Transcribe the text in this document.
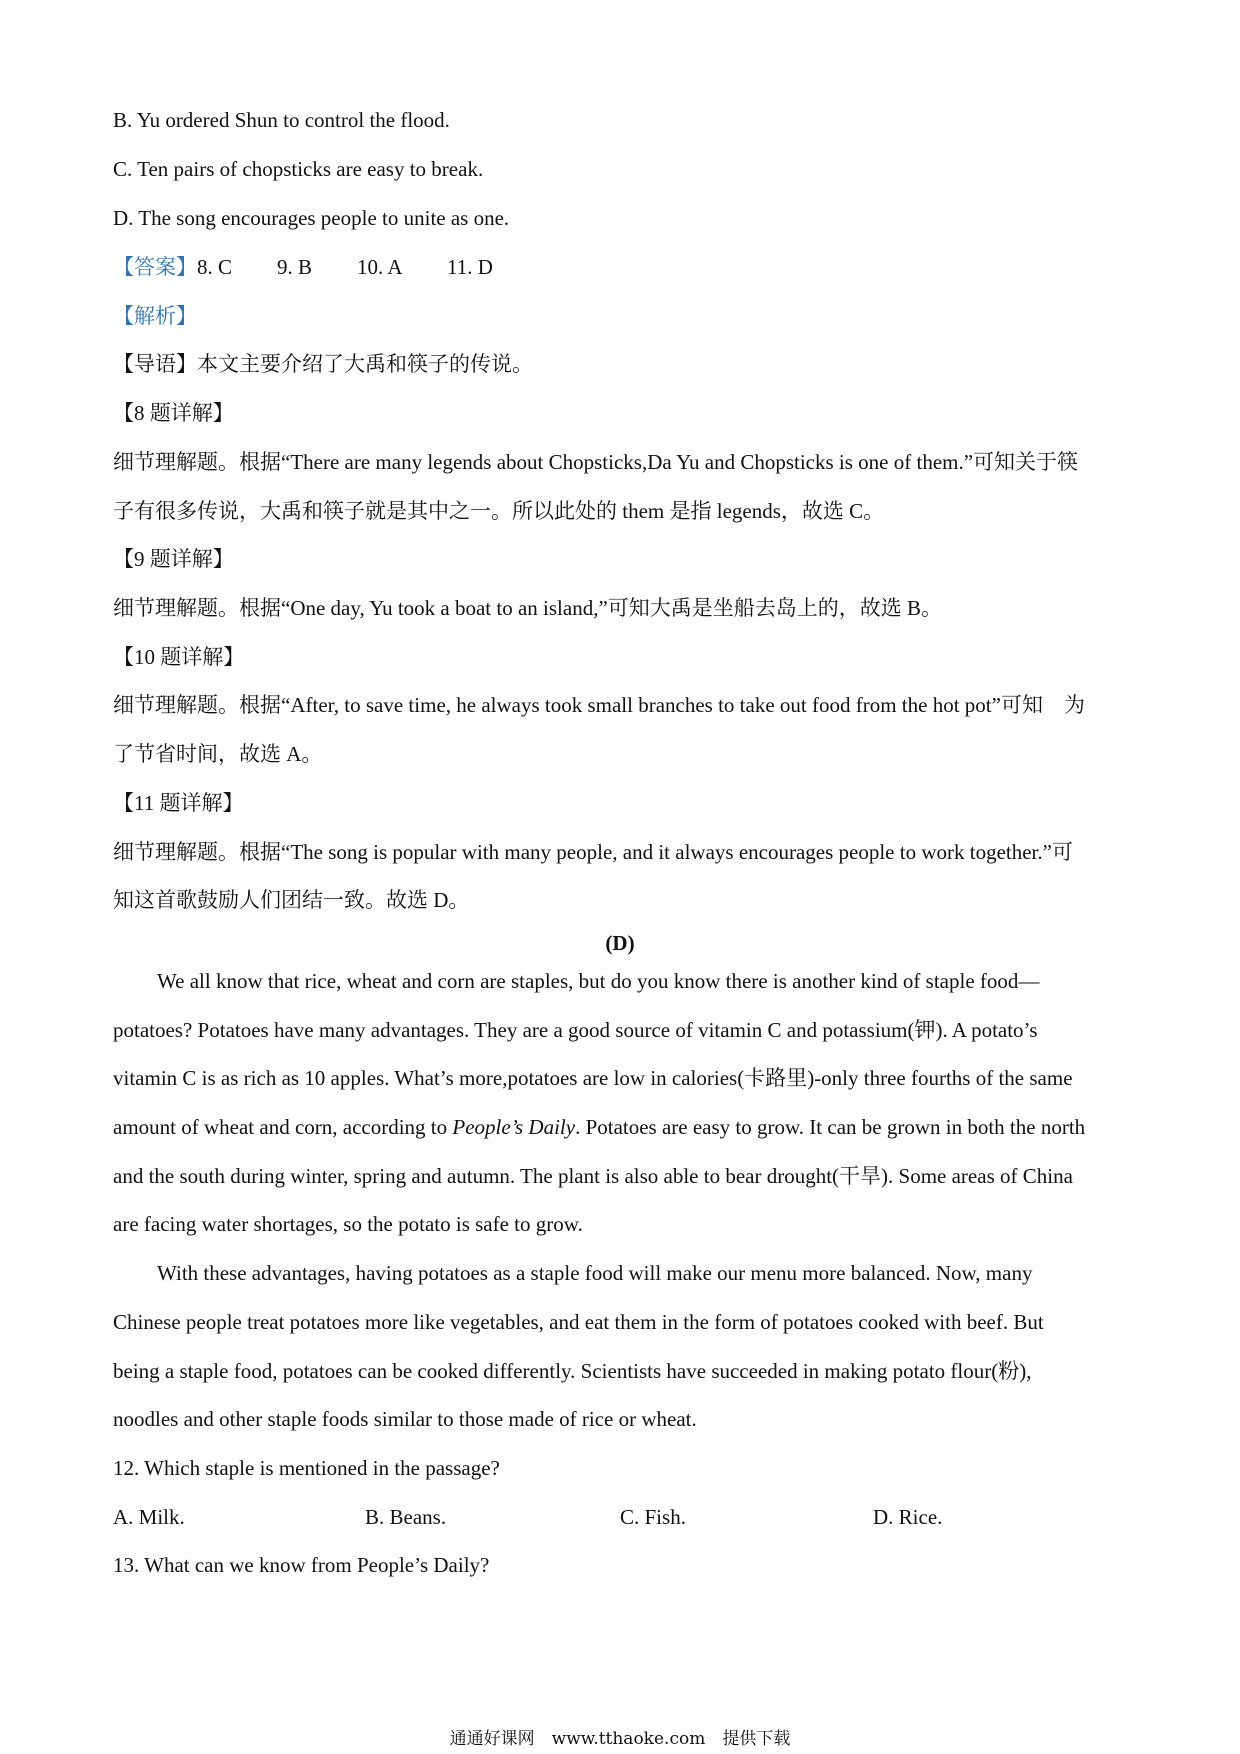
B. Yu ordered Shun to control the flood.
C. Ten pairs of chopsticks are easy to break.
D. The song encourages people to unite as one.
【答案】8. C 9. B 10. A 11. D
【解析】
【导语】本文主要介绍了大禹和筷子的传说。
【8 题详解】
细节理解题。根据“There are many legends about Chopsticks,Da Yu and Chopsticks is one of them.”可知关于筷
子有很多传说，大禹和筷子就是其中之一。所以此处的 them 是指 legends，故选 C。
【9 题详解】
细节理解题。根据“One day, Yu took a boat to an island,”可知大禹是坐船去岛上的，故选 B。
【10 题详解】
细节理解题。根据“After, to save time, he always took small branches to take out food from the hot pot”可知　为
了节省时间，故选 A。
【11 题详解】
细节理解题。根据“The song is popular with many people, and it always encourages people to work together.”可
知这首歌鼓励人们团结一致。故选 D。
(D)
We all know that rice, wheat and corn are staples, but do you know there is another kind of staple food—
potatoes? Potatoes have many advantages. They are a good source of vitamin C and potassium(钾). A potato’s
vitamin C is as rich as 10 apples. What’s more,potatoes are low in calories(卡路里)-only three fourths of the same
amount of wheat and corn, according to People’s Daily. Potatoes are easy to grow. It can be grown in both the north
and the south during winter, spring and autumn. The plant is also able to bear drought(干旱). Some areas of China
are facing water shortages, so the potato is safe to grow.
With these advantages, having potatoes as a staple food will make our menu more balanced. Now, many
Chinese people treat potatoes more like vegetables, and eat them in the form of potatoes cooked with beef. But
being a staple food, potatoes can be cooked differently. Scientists have succeeded in making potato flour(粉),
noodles and other staple foods similar to those made of rice or wheat.
12. Which staple is mentioned in the passage?
A. Milk.	B. Beans.	C. Fish.	D. Rice.
13. What can we know from People’s Daily?
通通好课网　www.tthaoke.com　提供下载
